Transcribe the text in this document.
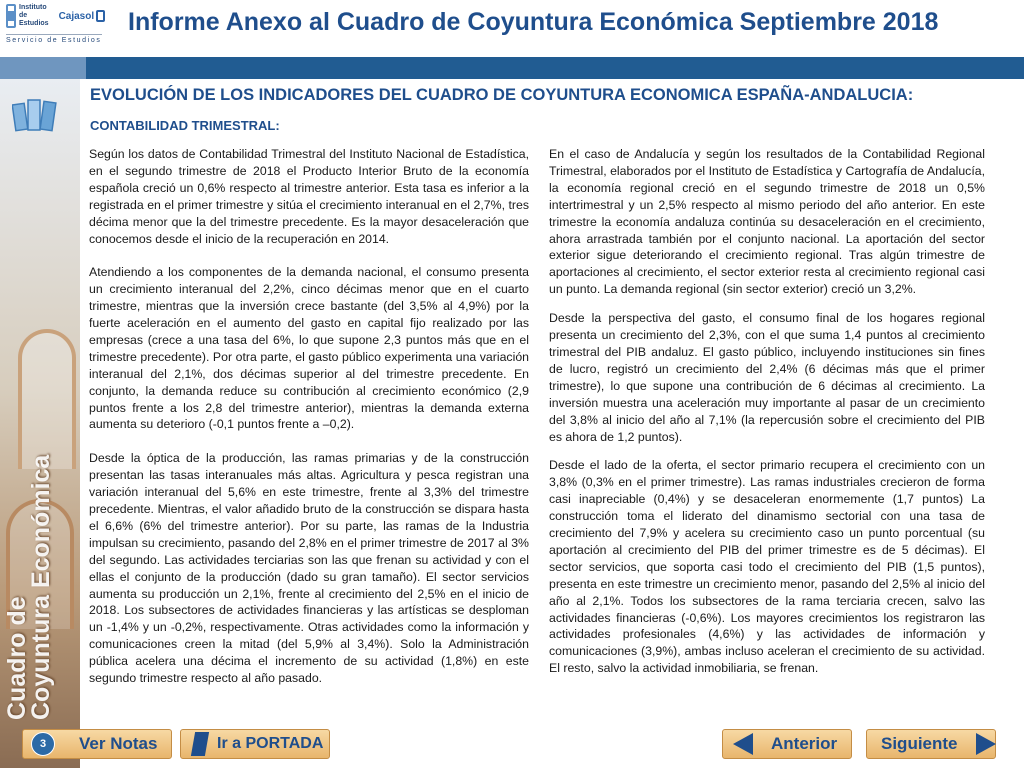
Instituto de Estudios
Cajasol
Servicio de Estudios
Informe Anexo al Cuadro de Coyuntura Económica Septiembre 2018
Cuadro de
Coyuntura Económica
EVOLUCIÓN DE LOS INDICADORES DEL CUADRO DE COYUNTURA ECONOMICA ESPAÑA-ANDALUCIA:
CONTABILIDAD TRIMESTRAL:

Según los datos de Contabilidad Trimestral del Instituto Nacional de Estadística, en el segundo trimestre de 2018 el Producto Interior Bruto de la economía española creció un 0,6% respecto al trimestre anterior. Esta tasa es inferior a la registrada en el primer trimestre y sitúa el crecimiento interanual en el 2,7%, tres décima menor que la del trimestre precedente. Es la mayor desaceleración que conocemos desde el inicio de la recuperación en 2014.

Atendiendo a los componentes de la demanda nacional, el consumo presenta un crecimiento interanual del 2,2%, cinco décimas menor que en el cuarto trimestre, mientras que la inversión crece bastante (del 3,5% al 4,9%) por la fuerte aceleración en el aumento del gasto en capital fijo realizado por las empresas (crece a una tasa del 6%, lo que supone 2,3 puntos más que en el trimestre precedente). Por otra parte, el gasto público experimenta una variación interanual del 2,1%, dos décimas superior al del trimestre precedente. En conjunto, la demanda reduce su contribución al crecimiento económico (2,9 puntos frente a los 2,8 del trimestre anterior), mientras la demanda externa aumenta su deterioro (-0,1 puntos frente a –0,2).

Desde la óptica de la producción, las ramas primarias y de la construcción presentan las tasas interanuales más altas. Agricultura y pesca registran una variación interanual del 5,6% en este trimestre, frente al 3,3% del trimestre precedente. Mientras, el valor añadido bruto de la construcción se dispara hasta el 6,6% (6% del trimestre anterior). Por su parte, las ramas de la Industria impulsan su crecimiento, pasando del 2,8% en el primer trimestre de 2017 al 3% del segundo. Las actividades terciarias son las que frenan su actividad y con el ellas el conjunto de la producción (dado su gran tamaño). El sector servicios aumenta su producción un 2,1%, frente al crecimiento del 2,5% en el inicio de 2018. Los subsectores de actividades financieras y las artísticas se desploman un -1,4% y un -0,2%, respectivamente. Otras actividades como la información y comunicaciones creen la mitad (del 5,9% al 3,4%). Solo la Administración pública acelera una décima el incremento de su actividad (1,8%) en este segundo trimestre respecto al año pasado.

En el caso de Andalucía y según los resultados de la Contabilidad Regional Trimestral, elaborados por el Instituto de Estadística y Cartografía de Andalucía, la economía regional creció en el segundo trimestre de 2018 un 0,5% intertrimestral y un 2,5% respecto al mismo periodo del año anterior. En este trimestre la economía andaluza continúa su desaceleración en el crecimiento, ahora arrastrada también por el conjunto nacional. La aportación del sector exterior sigue deteriorando el crecimiento regional. Tras algún trimestre de aportaciones al crecimiento, el sector exterior resta al crecimiento regional casi un punto. La demanda regional (sin sector exterior) creció un 3,2%.

Desde la perspectiva del gasto, el consumo final de los hogares regional presenta un crecimiento del 2,3%, con el que suma 1,4 puntos al crecimiento trimestral del PIB andaluz. El gasto público, incluyendo instituciones sin fines de lucro, registró un crecimiento del 2,4% (6 décimas más que el primer trimestre), lo que supone una contribución de 6 décimas al crecimiento. La inversión muestra una aceleración muy importante al pasar de un crecimiento del 3,8% al inicio del año al 7,1% (la repercusión sobre el crecimiento del PIB es ahora de 1,2 puntos).

Desde el lado de la oferta, el sector primario recupera el crecimiento con un 3,8% (0,3% en el primer trimestre). Las ramas industriales crecieron de forma casi inapreciable (0,4%) y se desaceleran enormemente (1,7 puntos) La construcción toma el liderato del dinamismo sectorial con una tasa de crecimiento del 7,9% y acelera su crecimiento caso un punto porcentual (su aportación al crecimiento del PIB del primer trimestre es de 5 décimas). El sector servicios, que soporta casi todo el crecimiento del PIB (1,5 puntos), presenta en este trimestre un crecimiento menor, pasando del 2,5% al inicio del año al 2,1%. Todos los subsectores de la rama terciaria crecen, salvo las actividades financieras (-0,6%). Los mayores crecimientos los registraron las actividades profesionales (4,6%) y las actividades de información y comunicaciones (3,9%), ambas incluso aceleran el crecimiento de su actividad. El resto, salvo la actividad inmobiliaria, se frenan.

3	Ver Notas	Ir a PORTADA	Anterior	Siguiente
